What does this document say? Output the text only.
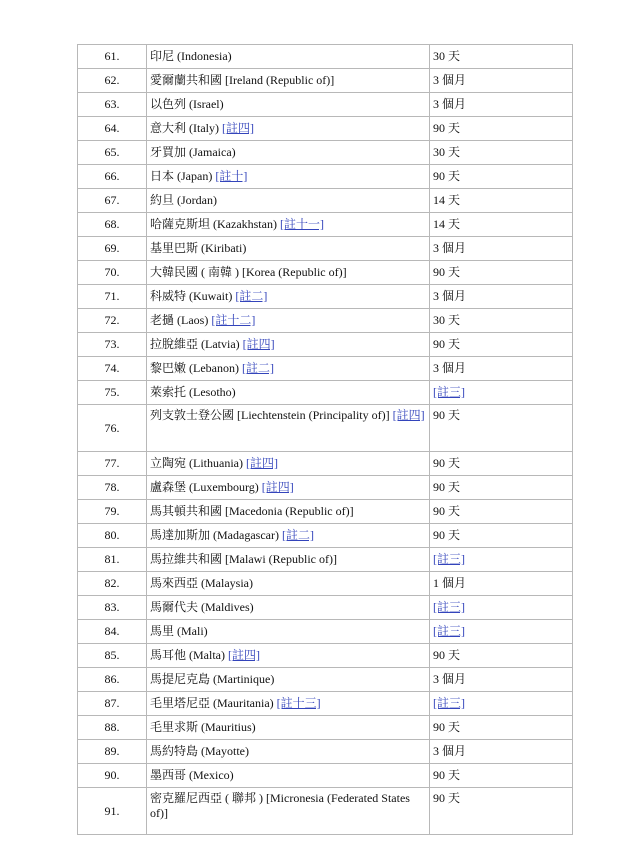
61.	印尼 (Indonesia)	30 天
62.	愛爾蘭共和國 [Ireland (Republic of)]	3 個月
63.	以色列 (Israel)	3 個月
64.	意大利 (Italy) [註四]	90 天
65.	牙買加 (Jamaica)	30 天
66.	日本 (Japan) [註十]	90 天
67.	約旦 (Jordan)	14 天
68.	哈薩克斯坦 (Kazakhstan) [註十一]	14 天
69.	基里巴斯 (Kiribati)	3 個月
70.	大韓民國 ( 南韓 ) [Korea (Republic of)]	90 天
71.	科威特 (Kuwait) [註二]	3 個月
72.	老撾 (Laos) [註十二]	30 天
73.	拉脫維亞 (Latvia) [註四]	90 天
74.	黎巴嫩 (Lebanon) [註二]	3 個月
75.	萊索托 (Lesotho)	[註三]
76.	列支敦士登公國 [Liechtenstein (Principality of)] [註四]	90 天
77.	立陶宛 (Lithuania) [註四]	90 天
78.	盧森堡 (Luxembourg) [註四]	90 天
79.	馬其頓共和國 [Macedonia (Republic of)]	90 天
80.	馬達加斯加 (Madagascar) [註二]	90 天
81.	馬拉維共和國 [Malawi (Republic of)]	[註三]
82.	馬來西亞 (Malaysia)	1 個月
83.	馬爾代夫 (Maldives)	[註三]
84.	馬里 (Mali)	[註三]
85.	馬耳他 (Malta) [註四]	90 天
86.	馬提尼克島 (Martinique)	3 個月
87.	毛里塔尼亞 (Mauritania) [註十三]	[註三]
88.	毛里求斯 (Mauritius)	90 天
89.	馬約特島 (Mayotte)	3 個月
90.	墨西哥 (Mexico)	90 天
91.	密克羅尼西亞 ( 聯邦 ) [Micronesia (Federated States of)]	90 天
